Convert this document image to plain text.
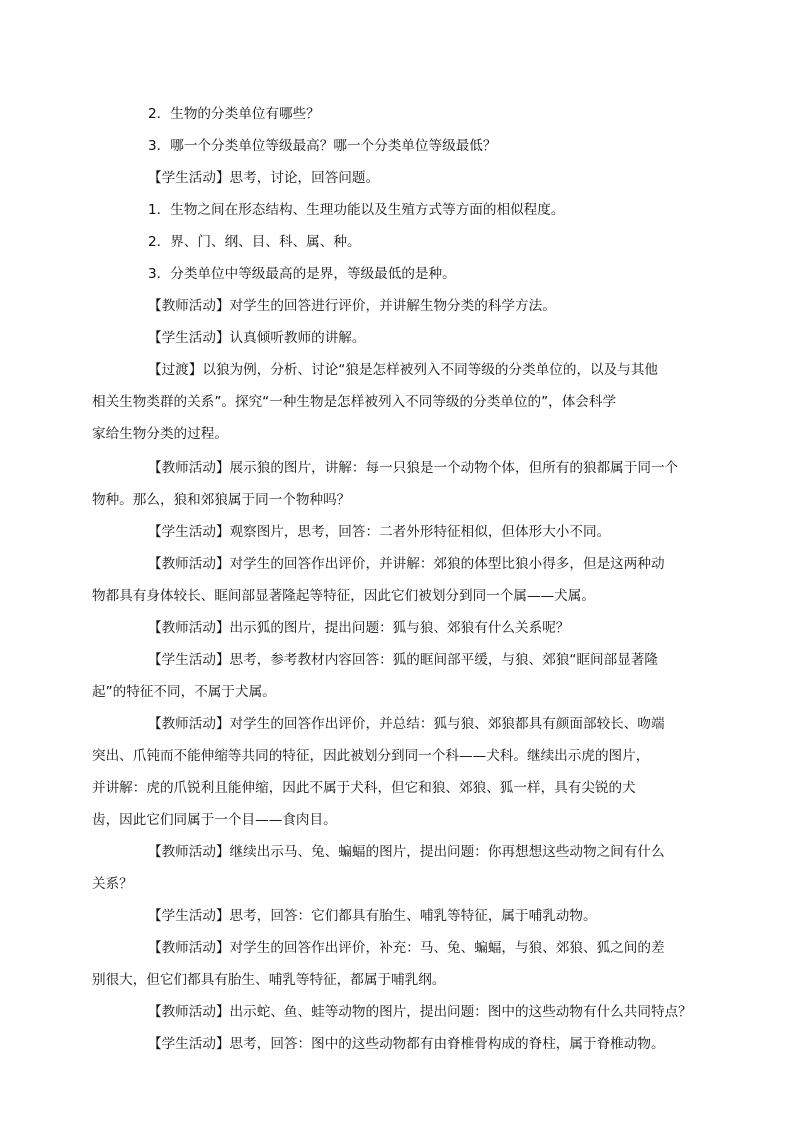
2．生物的分类单位有哪些？

3．哪一个分类单位等级最高？哪一个分类单位等级最低？

【学生活动】思考，讨论，回答问题。

1．生物之间在形态结构、生理功能以及生殖方式等方面的相似程度。

2．界、门、纲、目、科、属、种。

3．分类单位中等级最高的是界，等级最低的是种。

【教师活动】对学生的回答进行评价，并讲解生物分类的科学方法。

【学生活动】认真倾听教师的讲解。

【过渡】以狼为例，分析、讨论“狼是怎样被列入不同等级的分类单位的，以及与其他
相关生物类群的关系”。探究“一种生物是怎样被列入不同等级的分类单位的”，体会科学
家给生物分类的过程。

【教师活动】展示狼的图片，讲解：每一只狼是一个动物个体，但所有的狼都属于同一个
物种。那么，狼和郊狼属于同一个物种吗？

【学生活动】观察图片，思考，回答：二者外形特征相似，但体形大小不同。

【教师活动】对学生的回答作出评价，并讲解：郊狼的体型比狼小得多，但是这两种动
物都具有身体较长、眶间部显著隆起等特征，因此它们被划分到同一个属——犬属。

【教师活动】出示狐的图片，提出问题：狐与狼、郊狼有什么关系呢？

【学生活动】思考，参考教材内容回答：狐的眶间部平缓，与狼、郊狼“眶间部显著隆
起”的特征不同，不属于犬属。

【教师活动】对学生的回答作出评价，并总结：狐与狼、郊狼都具有颜面部较长、吻端
突出、爪钝而不能伸缩等共同的特征，因此被划分到同一个科——犬科。继续出示虎的图片，
并讲解：虎的爪锐利且能伸缩，因此不属于犬科，但它和狼、郊狼、狐一样，具有尖锐的犬
齿，因此它们同属于一个目——食肉目。

【教师活动】继续出示马、兔、蝙蝠的图片，提出问题：你再想想这些动物之间有什么
关系？

【学生活动】思考，回答：它们都具有胎生、哺乳等特征，属于哺乳动物。

【教师活动】对学生的回答作出评价，补充：马、兔、蝙蝠，与狼、郊狼、狐之间的差
别很大，但它们都具有胎生、哺乳等特征，都属于哺乳纲。

【教师活动】出示蛇、鱼、蛙等动物的图片，提出问题：图中的这些动物有什么共同特点？

【学生活动】思考，回答：图中的这些动物都有由脊椎骨构成的脊柱，属于脊椎动物。
